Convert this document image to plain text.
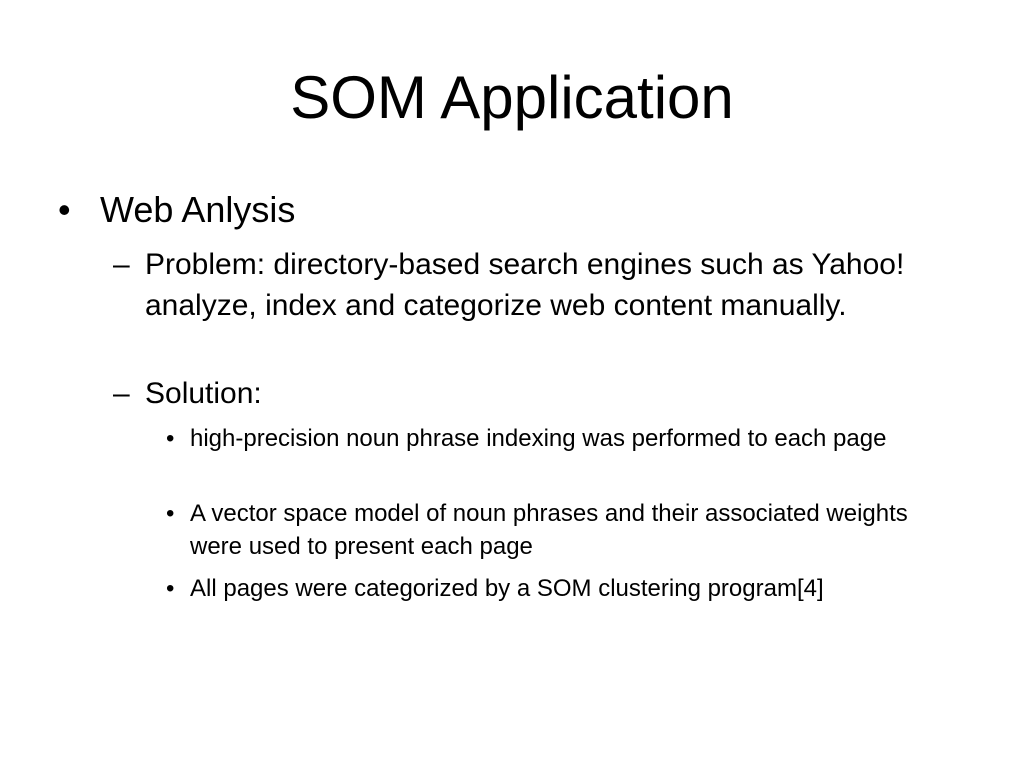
SOM Application
• Web Anlysis
– Problem: directory-based search engines such as Yahoo! analyze, index and categorize web content manually.
– Solution:
• high-precision noun phrase indexing was performed to each page
• A vector space model of noun phrases and their associated weights were used to present each page
• All pages were categorized by a SOM clustering program[4]
